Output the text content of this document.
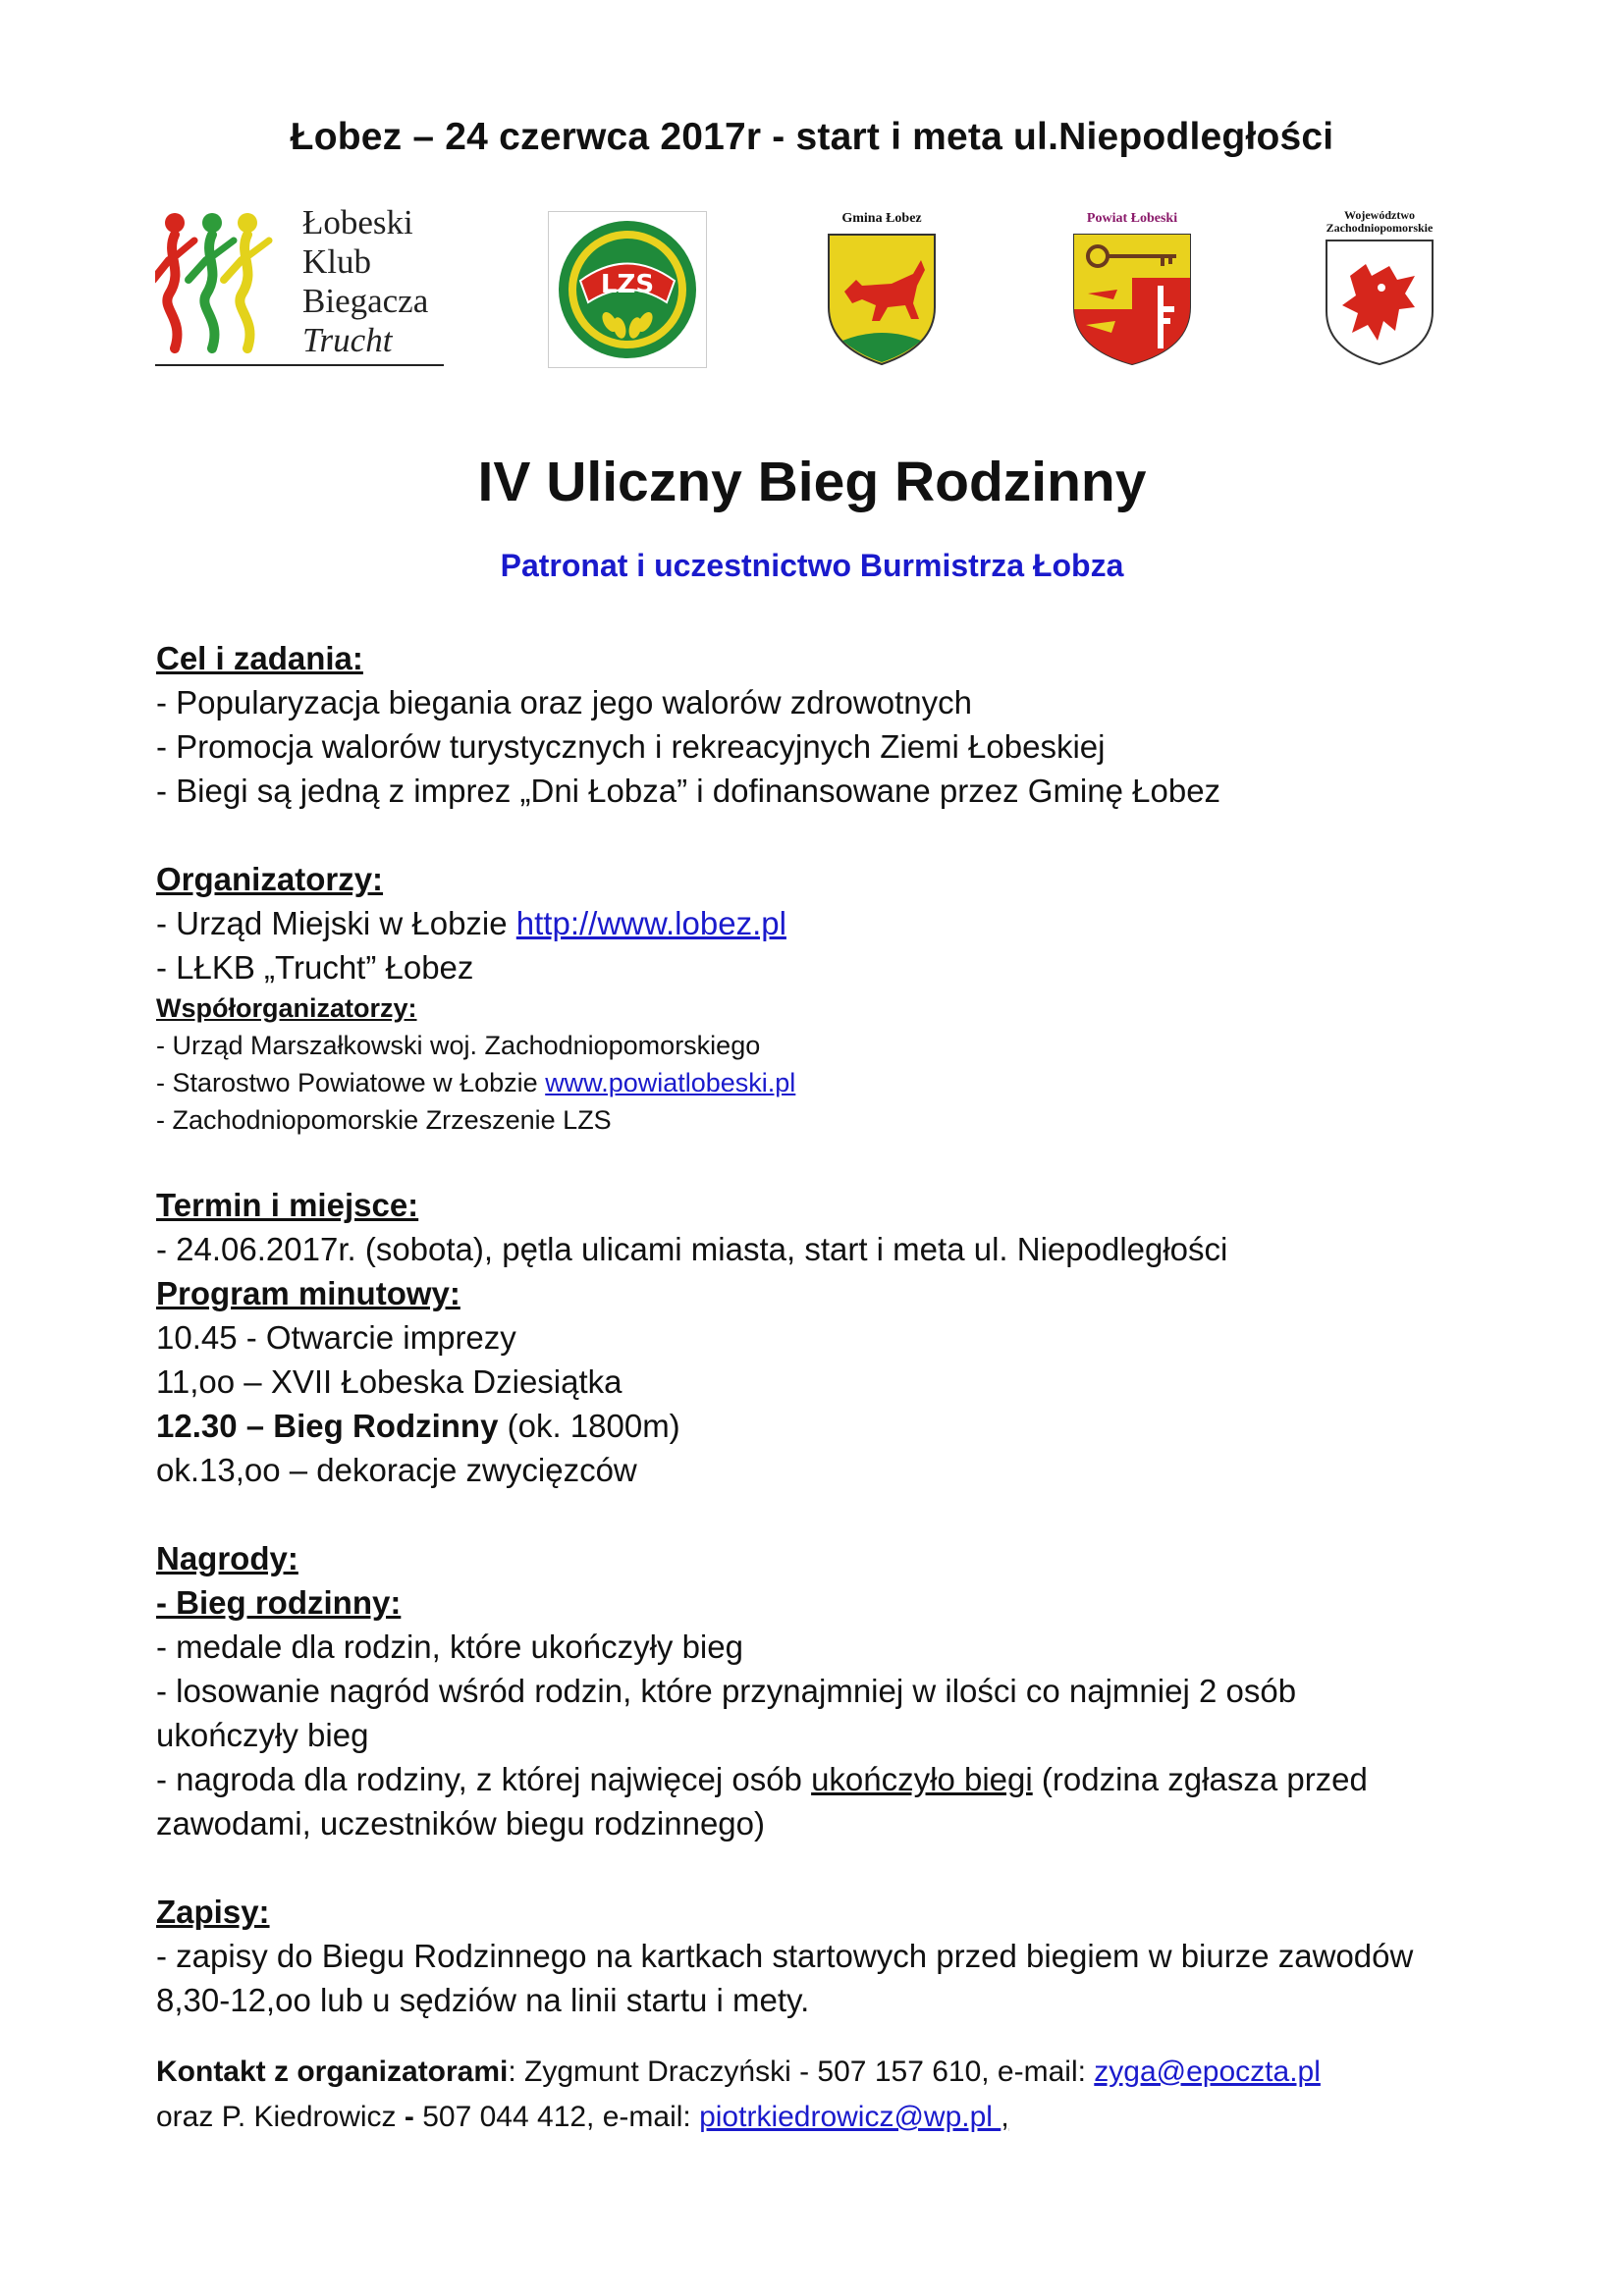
Łobez – 24 czerwca 2017r - start i meta ul.Niepodległości
Łobeski
Klub
Biegacza
Trucht
LZS
Gmina Łobez	Powiat Łobeski	Województwo
Zachodniopomorskie
IV Uliczny Bieg Rodzinny
Patronat i uczestnictwo Burmistrza Łobza

Cel i zadania:

- Popularyzacja biegania oraz jego walorów zdrowotnych

- Promocja walorów turystycznych i rekreacyjnych Ziemi Łobeskiej

- Biegi są jedną z imprez „Dni Łobza” i dofinansowane przez Gminę Łobez

Organizatorzy:

- Urząd Miejski w Łobzie http://www.lobez.pl

- LŁKB „Trucht” Łobez

Współorganizatorzy:

- Urząd Marszałkowski woj. Zachodniopomorskiego

- Starostwo Powiatowe w Łobzie www.powiatlobeski.pl

- Zachodniopomorskie Zrzeszenie LZS

Termin i miejsce:

- 24.06.2017r. (sobota), pętla ulicami miasta, start i meta ul. Niepodległości

Program minutowy:

10.45 - Otwarcie imprezy

11,oo – XVII Łobeska Dziesiątka

12.30 – Bieg Rodzinny (ok. 1800m)

ok.13,oo – dekoracje zwycięzców

Nagrody:

- Bieg rodzinny:

- medale dla rodzin, które ukończyły bieg

- losowanie nagród wśród rodzin, które przynajmniej w ilości co najmniej 2 osób ukończyły bieg

- nagroda dla rodziny, z której najwięcej osób ukończyło biegi (rodzina zgłasza przed zawodami, uczestników biegu rodzinnego)

Zapisy:

- zapisy do Biegu Rodzinnego na kartkach startowych przed biegiem w biurze zawodów 8,30-12,oo lub u sędziów na linii startu i mety.

Kontakt z organizatorami: Zygmunt Draczyński - 507 157 610, e-mail: zyga@epoczta.pl

oraz P. Kiedrowicz - 507 044 412, e-mail: piotrkiedrowicz@wp.pl ,
